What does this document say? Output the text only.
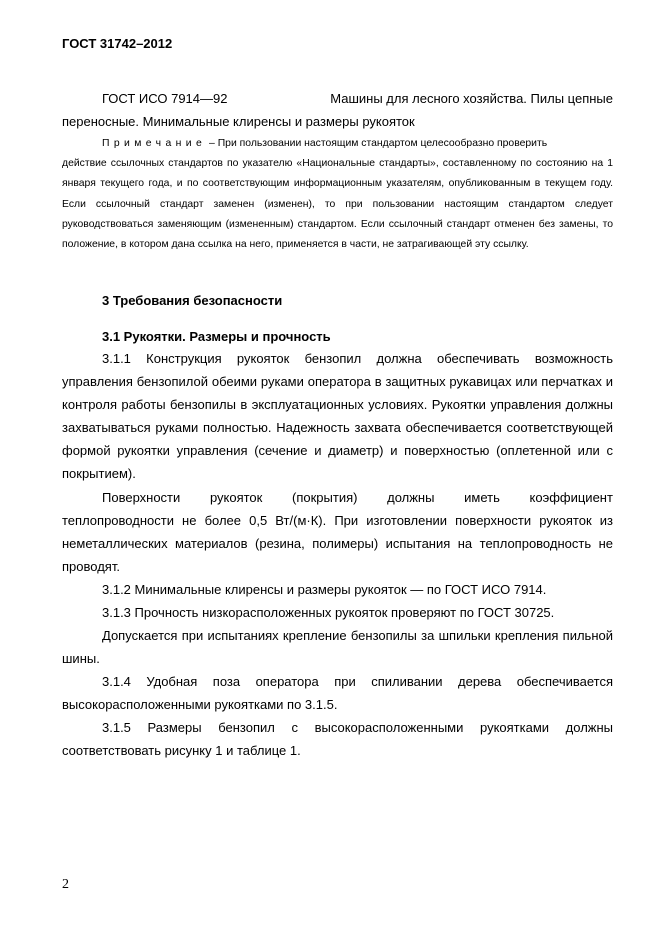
ГОСТ 31742–2012
ГОСТ ИСО 7914—92	Машины для лесного хозяйства. Пилы цепные
переносные. Минимальные клиренсы и размеры рукояток
Примечание – При пользовании настоящим стандартом целесообразно проверить
действие ссылочных стандартов по указателю «Национальные стандарты», составленному по состоянию на 1 января текущего года, и по соответствующим информационным указателям, опубликованным в текущем году. Если ссылочный стандарт заменен (изменен), то при пользовании настоящим стандартом следует руководствоваться заменяющим (измененным) стандартом. Если ссылочный стандарт отменен без замены, то положение, в котором дана ссылка на него, применяется в части, не затрагивающей эту ссылку.
3 Требования безопасности
3.1 Рукоятки. Размеры и прочность
3.1.1 Конструкция рукояток бензопил должна обеспечивать возможность управления бензопилой обеими руками оператора в защитных рукавицах или перчатках и контроля работы бензопилы в эксплуатационных условиях. Рукоятки управления должны захватываться руками полностью. Надежность захвата обеспечивается соответствующей формой рукоятки управления (сечение и диаметр) и поверхностью (оплетенной или с покрытием).
Поверхности рукояток (покрытия) должны иметь коэффициент
теплопроводности не более 0,5 Вт/(м·К). При изготовлении поверхности рукояток из неметаллических материалов (резина, полимеры) испытания на теплопроводность не проводят.
3.1.2 Минимальные клиренсы и размеры рукояток — по ГОСТ ИСО 7914.
3.1.3 Прочность низкорасположенных рукояток проверяют по ГОСТ 30725.
Допускается при испытаниях крепление бензопилы за шпильки крепления пильной шины.
3.1.4 Удобная поза оператора при спиливании дерева обеспечивается высокорасположенными рукоятками по 3.1.5.
3.1.5 Размеры бензопил с высокорасположенными рукоятками должны соответствовать рисунку 1 и таблице 1.
2
